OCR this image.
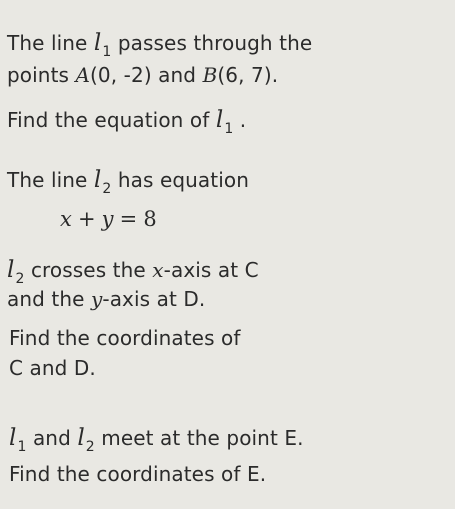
The line $l_1$ passes through the
points A(0, -2) and B(6, 7).
Find the equation of $l_1$ .
The line $l_2$ has equation
x + y = 8
$l_2$ crosses the x-axis at C
and the y-axis at D.
Find the coordinates of
C and D.
$l_1$ and $l_2$ meet at the point E.
Find the coordinates of E.
